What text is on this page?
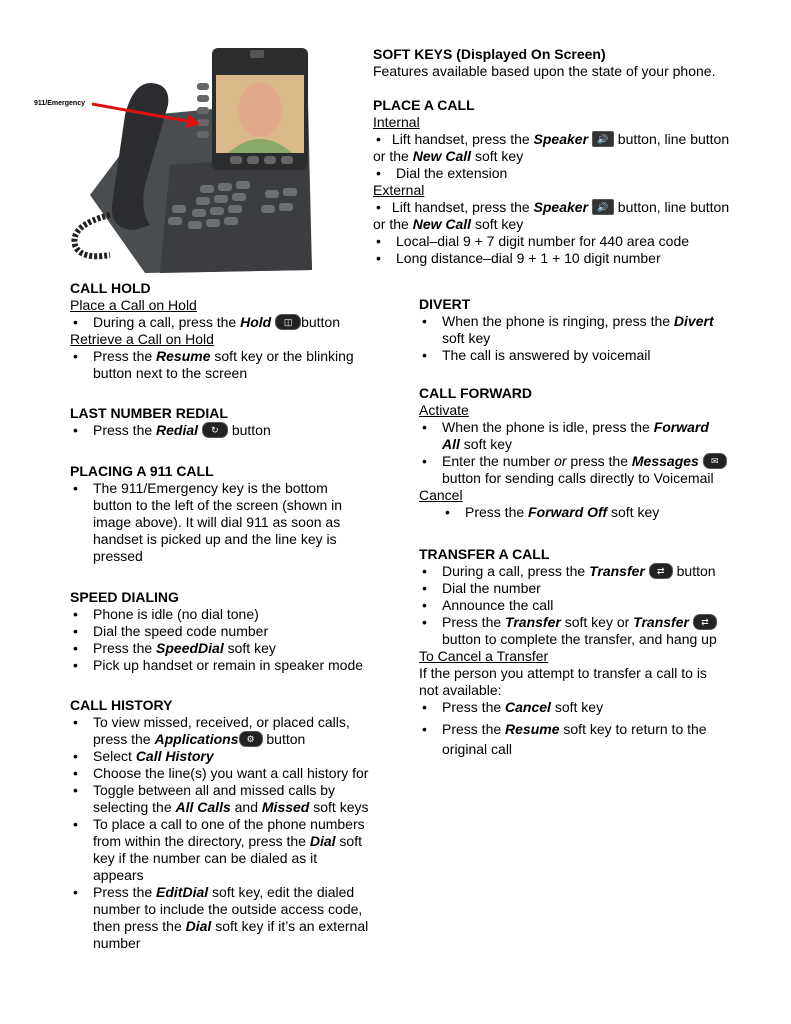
911/Emergency
SOFT KEYS (Displayed On Screen)

Features available based upon the state of your phone.

PLACE A CALL

Internal

• Lift handset, press the Speaker	🔊 button, line button or the New Call soft key
• Dial the extension

External

• Lift handset, press the Speaker	🔊 button, line button or the New Call soft key
• Local–dial 9 + 7 digit number for 440 area code
• Long distance–dial 9 + 1 + 10 digit number
CALL HOLD

Place a Call on Hold

• During a call, press the Hold	◫ button

Retrieve a Call on Hold

• Press the Resume soft key or the blinking button next to the screen
LAST NUMBER REDIAL
• Press the Redial	↻ button
PLACING A 911 CALL
• The 911/Emergency key is the bottom button to the left of the screen (shown in image above). It will dial 911 as soon as handset is picked up and the line key is pressed
SPEED DIALING
• Phone is idle (no dial tone)
• Dial the speed code number
• Press the SpeedDial soft key
• Pick up handset or remain in speaker mode
CALL HISTORY
• To view missed, received, or placed calls, press the Applications ⚙ button
• Select Call History
• Choose the line(s) you want a call history for
• Toggle between all and missed calls by selecting the All Calls and Missed soft keys
• To place a call to one of the phone numbers from within the directory, press the Dial soft key if the number can be dialed as it appears
• Press the EditDial soft key, edit the dialed number to include the outside access code, then press the Dial soft key if it’s an external number
DIVERT
• When the phone is ringing, press the Divert soft key
• The call is answered by voicemail
CALL FORWARD

Activate

• When the phone is idle, press the Forward All soft key
• Enter the number or press the Messages	✉
button for sending calls directly to Voicemail

Cancel

• Press the Forward Off soft key
TRANSFER A CALL
• During a call, press the Transfer	⇄ button
• Dial the number
• Announce the call
• Press the Transfer soft key or Transfer	⇄
button to complete the transfer, and hang up

To Cancel a Transfer

If the person you attempt to transfer a call to is not available:

• Press the Cancel soft key
• Press the Resume soft key to return to the original call
